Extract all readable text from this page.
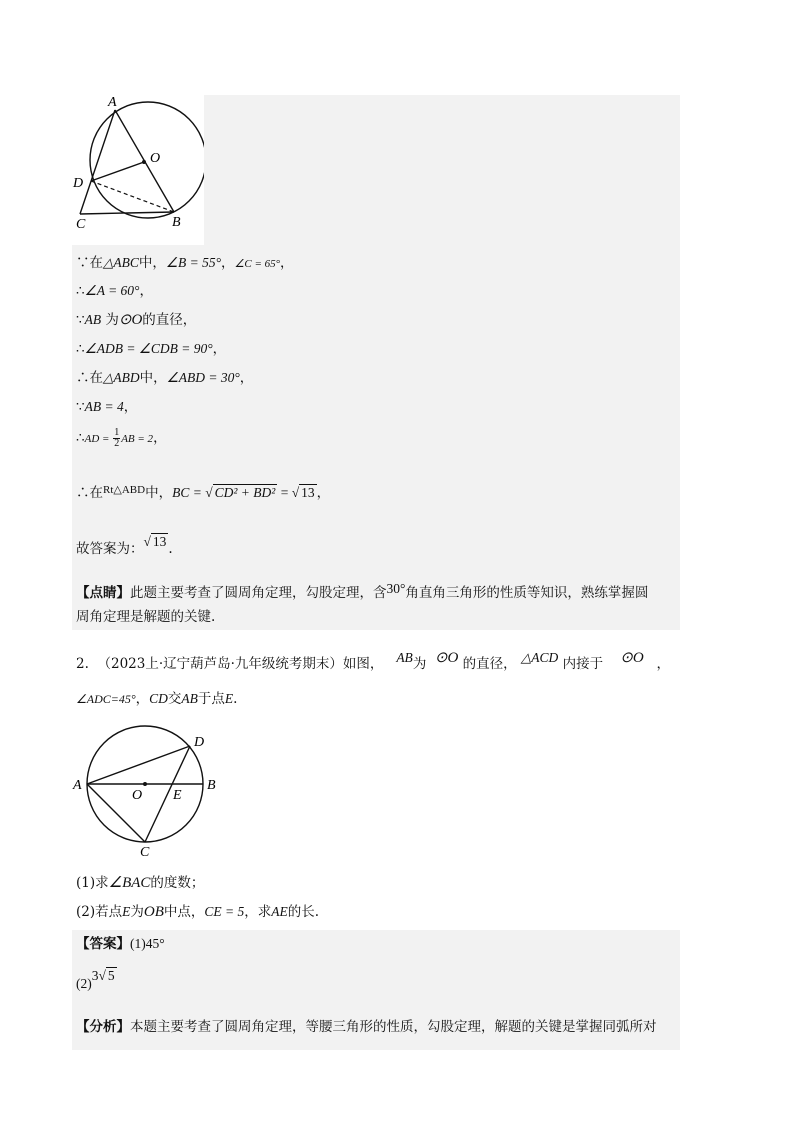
A
O
D
C	B
∵在△ABC中，∠B = 55°，∠C = 65°，
∴∠A = 60°，
∵AB 为⊙O的直径，
∴∠ADB = ∠CDB = 90°，
∴在△ABD中，∠ABD = 30°，
∵AB = 4，
∴AD = $\frac{1}{2}$ AB = 2，
∴在$^{Rt\triangle ABD}$中，BC = √ CD² + BD² = √ 13 ，
故答案为：√ 13 .
【点睛】此题主要考查了圆周角定理，勾股定理，含30°角直角三角形的性质等知识，熟练掌握圆
周角定理是解题的关键.
2. （2023上·辽宁葫芦岛·九年级统考期末）如图， AB为 ⊙O 的直径， △ACD 内接于 ⊙O ，
∠ADC=45°，CD交AB于点E.
A
O E
B
C
D
(1)求∠BAC的度数；
(2)若点E为OB中点，CE = 5，求AE的长.
【答案】(1)45°
(2)3√ 5
【分析】本题主要考查了圆周角定理，等腰三角形的性质，勾股定理，解题的关键是掌握同弧所对
